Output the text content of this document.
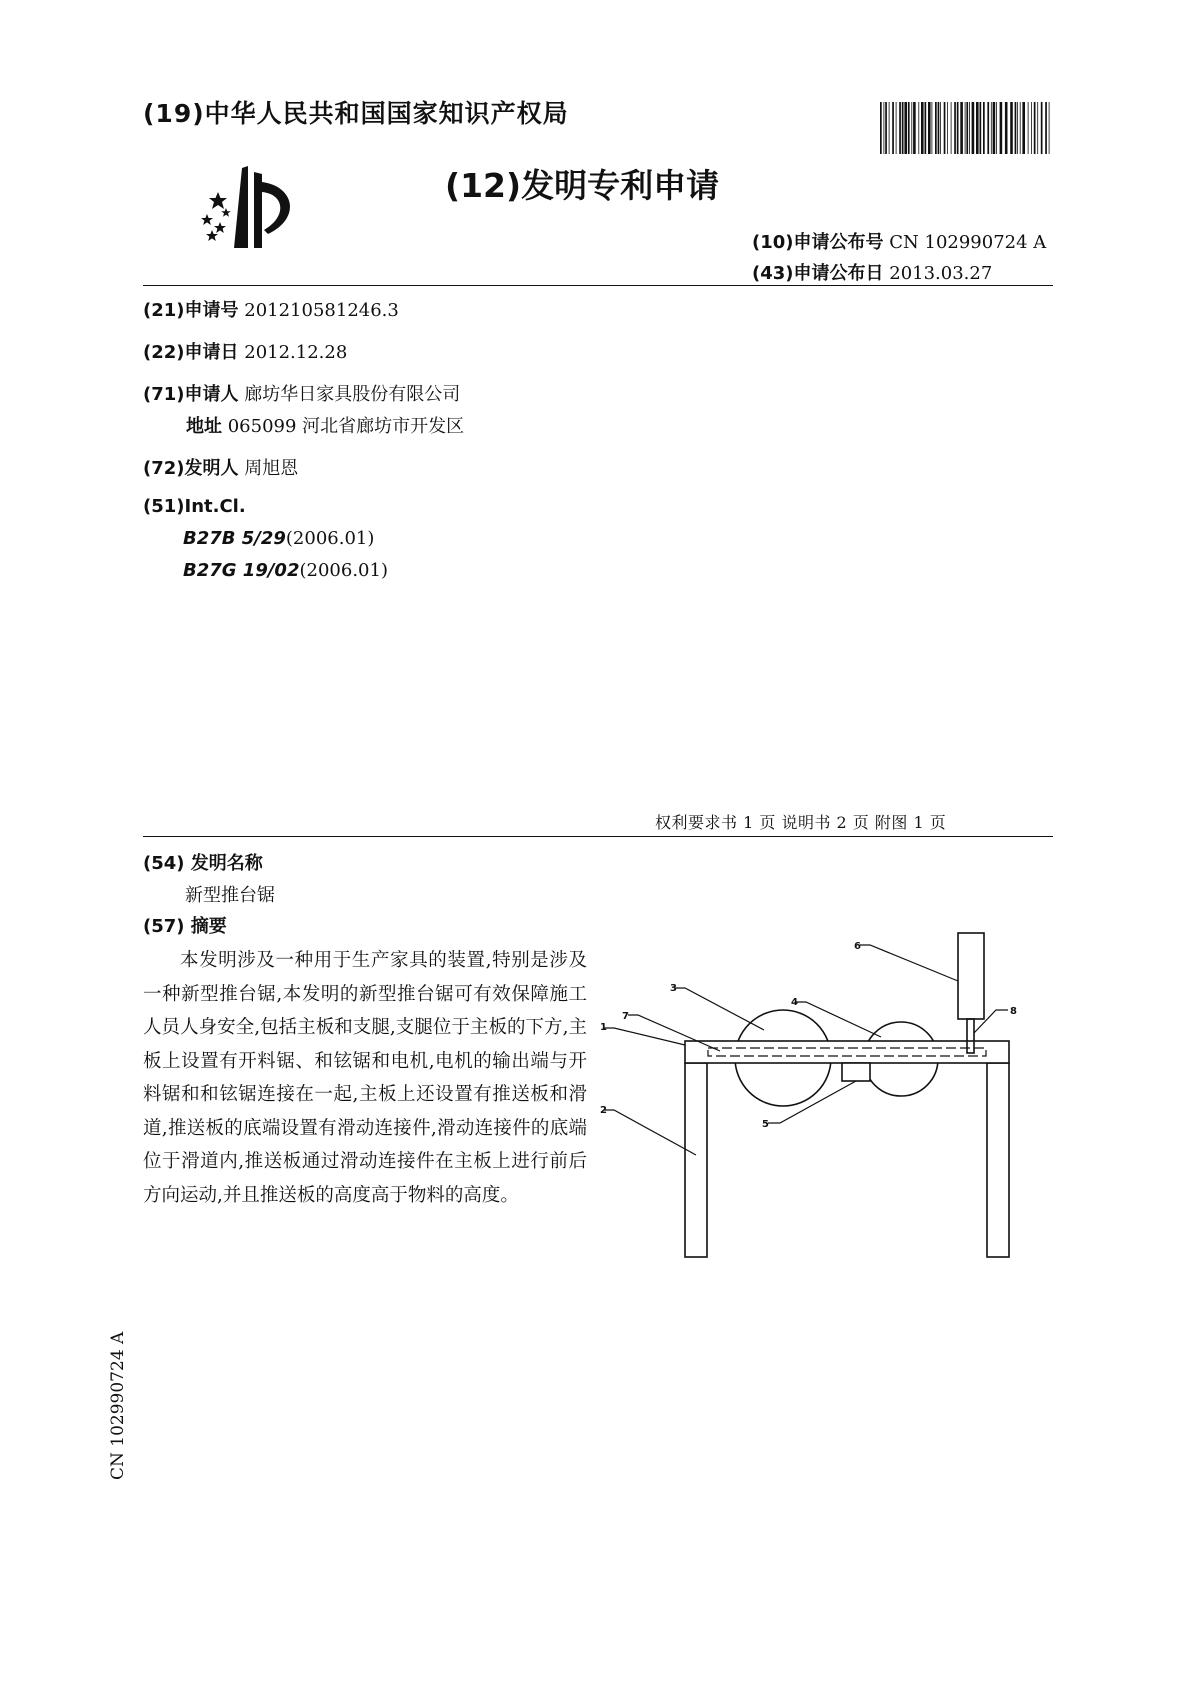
(19)中华人民共和国国家知识产权局
(12)发明专利申请
(10)申请公布号 CN 102990724 A
(43)申请公布日 2013.03.27
(21)申请号 201210581246.3
(22)申请日 2012.12.28
(71)申请人 廊坊华日家具股份有限公司
地址 065099 河北省廊坊市开发区
(72)发明人 周旭恩
(51)Int.Cl.
B27B 5/29(2006.01)
B27G 19/02(2006.01)
权利要求书 1 页 说明书 2 页 附图 1 页
(54) 发明名称
新型推台锯
(57) 摘要

本发明涉及一种用于生产家具的装置,特别是涉及一种新型推台锯,本发明的新型推台锯可有效保障施工人员人身安全,包括主板和支腿,支腿位于主板的下方,主板上设置有开料锯、和铉锯和电机,电机的输出端与开料锯和和铉锯连接在一起,主板上还设置有推送板和滑道,推送板的底端设置有滑动连接件,滑动连接件的底端位于滑道内,推送板通过滑动连接件在主板上进行前后方向运动,并且推送板的高度高于物料的高度。

CN 102990724 A
1
2
3
4
5
6
7	8
